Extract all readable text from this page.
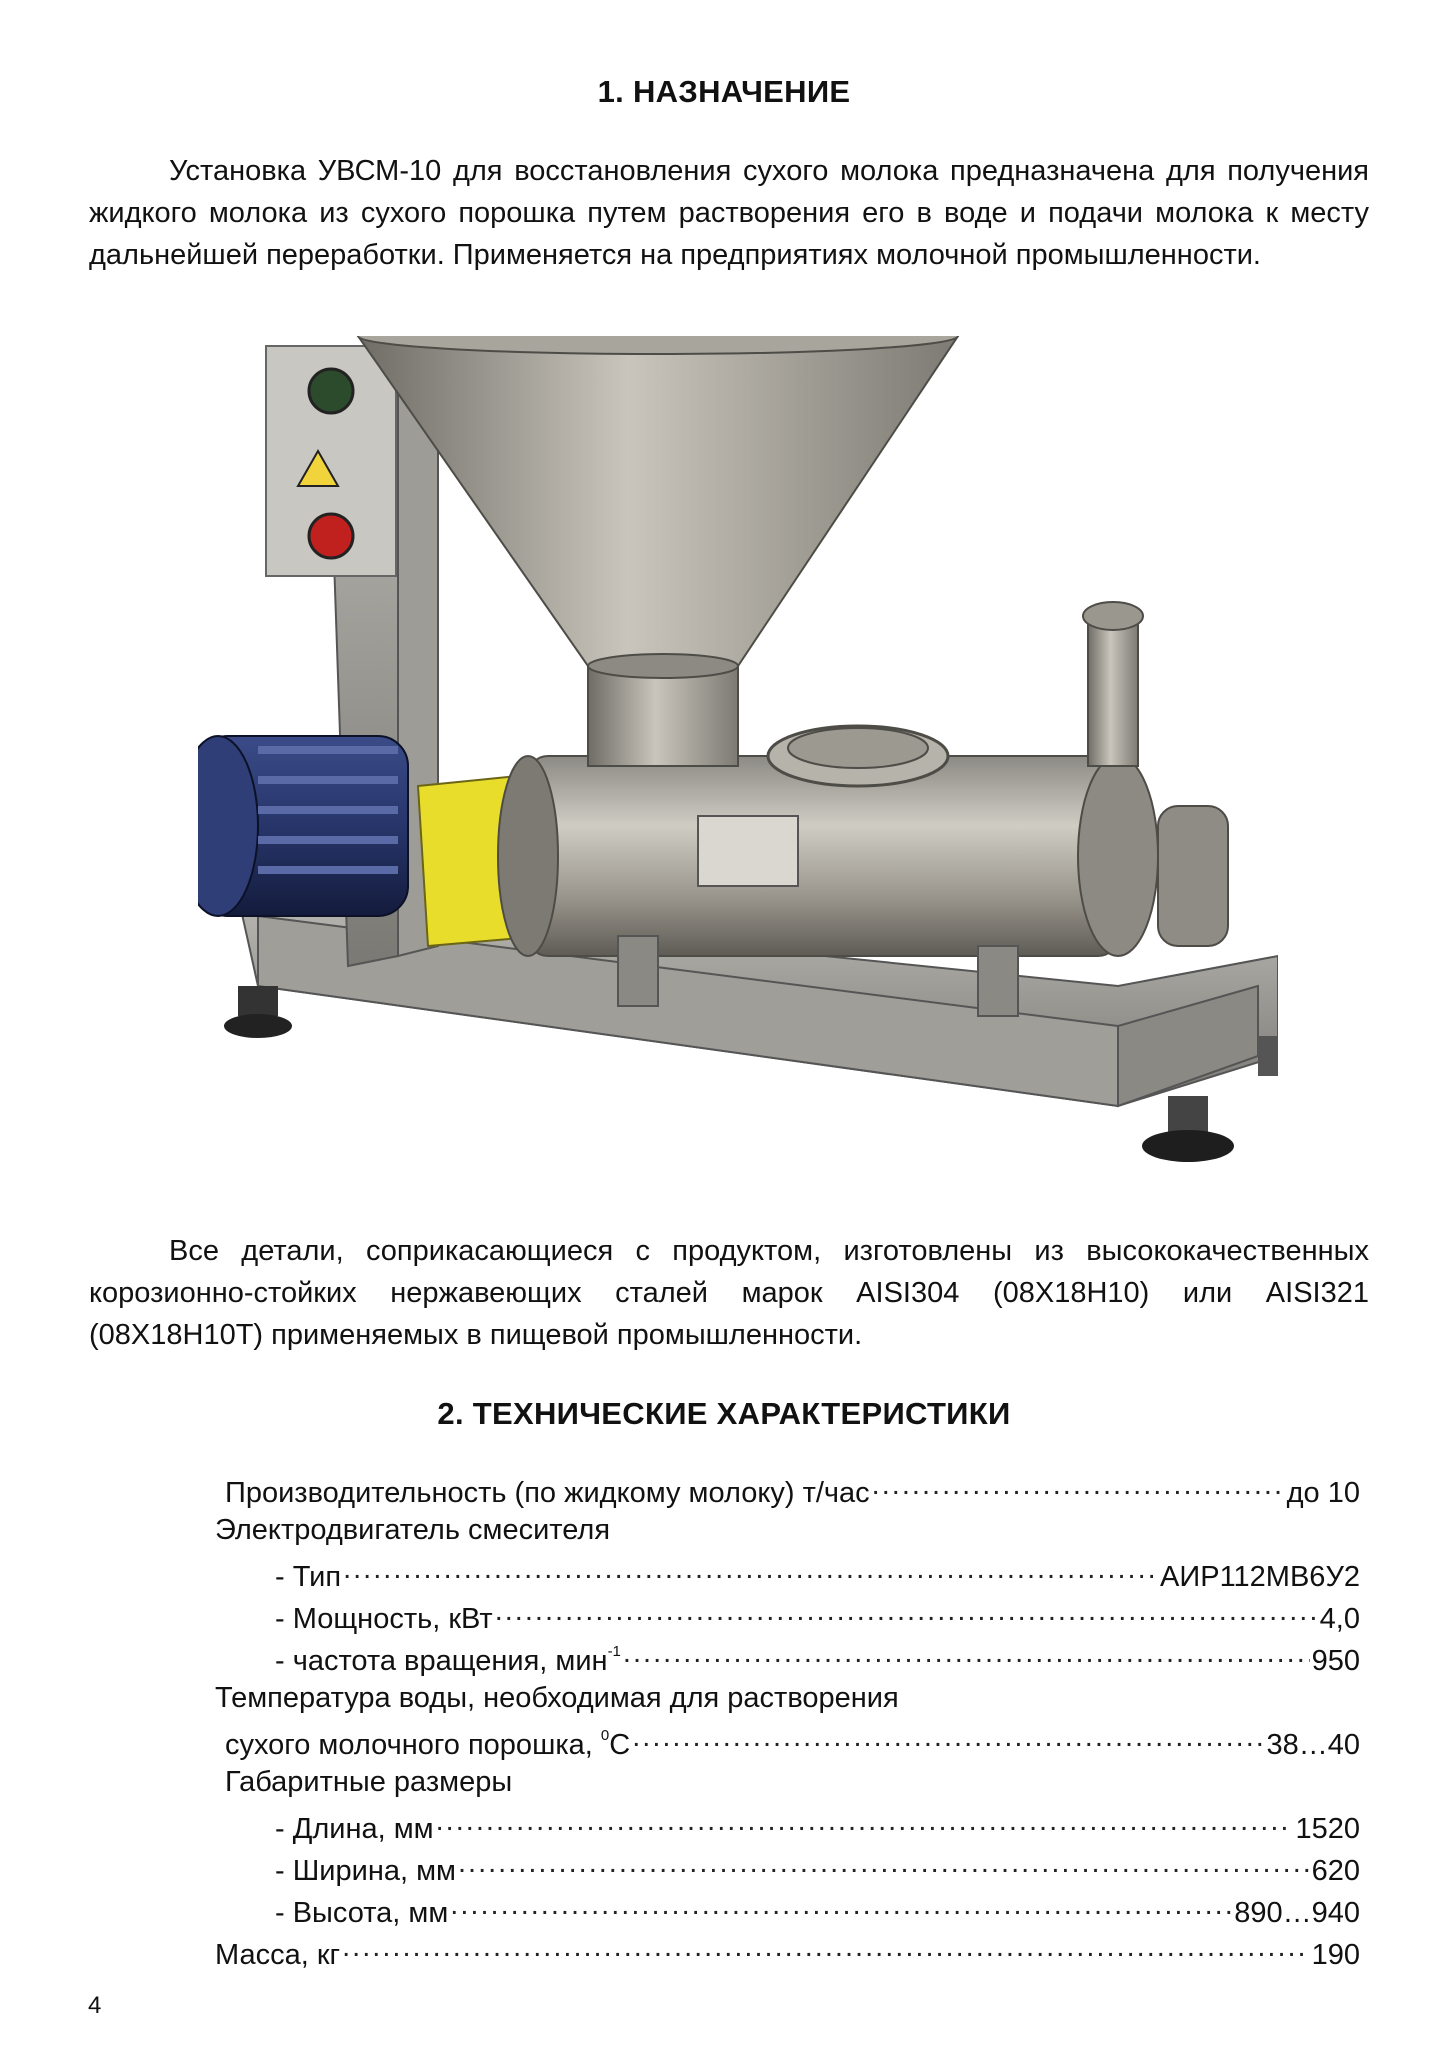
1. НАЗНАЧЕНИЕ
Установка УВСМ-10 для восстановления сухого молока предназначена для получения жидкого молока из сухого порошка путем растворения его в воде и подачи молока к месту дальнейшей переработки. Применяется на предприятиях молочной промышленности.
Все детали, соприкасающиеся с продуктом, изготовлены из высококачественных корозионно-стойких нержавеющих сталей марок AISI304 (08Х18Н10) или AISI321 (08Х18Н10Т) применяемых в пищевой промышленности.
2. ТЕХНИЧЕСКИЕ ХАРАКТЕРИСТИКИ
Производительность (по жидкому молоку) т/час .....	до 10
Электродвигатель смесителя
- Тип .....	АИР112МВ6У2
- Мощность, кВт .....	4,0
- частота вращения, мин$^{-1}$ .....	950
Температура воды, необходимая для растворения
сухого молочного порошка, $^0$С .....	38…40
Габаритные размеры
- Длина, мм .....	1520
- Ширина, мм .....	620
- Высота, мм .....	890…940
Масса, кг .....	190
4
